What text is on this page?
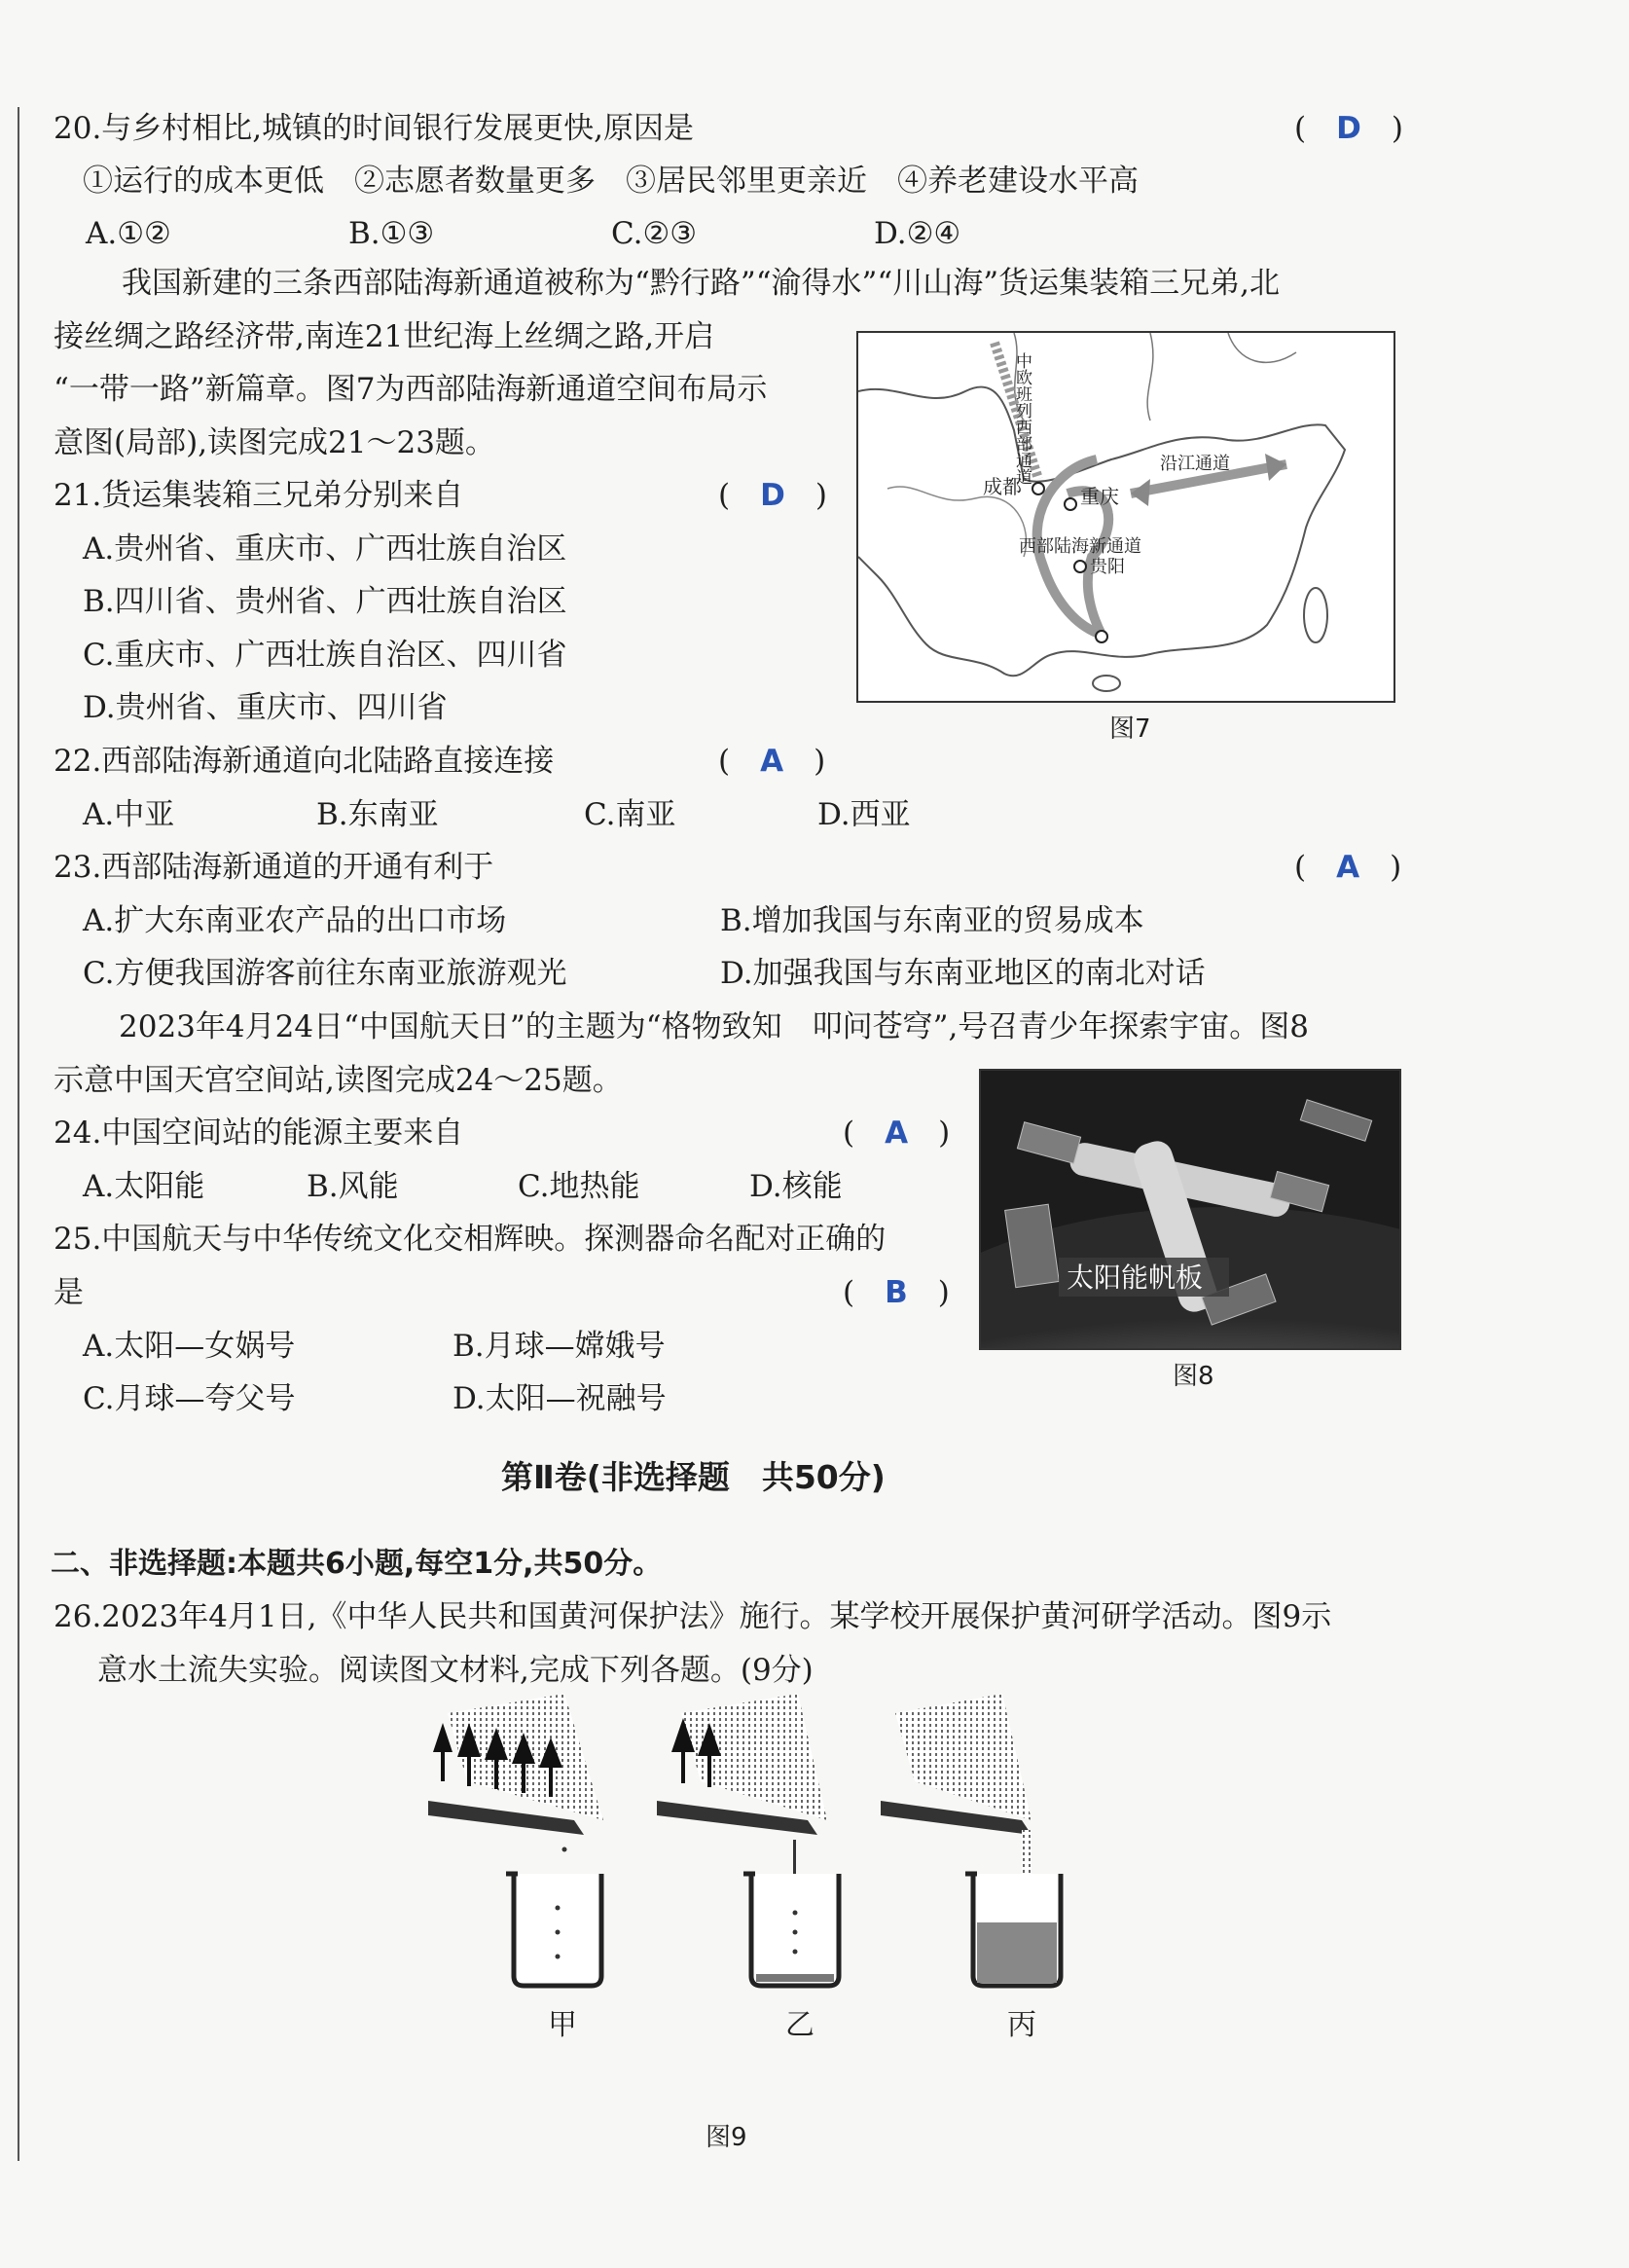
20.与乡村相比,城镇的时间银行发展更快,原因是	(　D　)
①运行的成本更低　②志愿者数量更多　③居民邻里更亲近　④养老建设水平高
A.①②	B.①③	C.②③	D.②④
我国新建的三条西部陆海新通道被称为“黔行路”“渝得水”“川山海”货运集装箱三兄弟,北
接丝绸之路经济带,南连21世纪海上丝绸之路,开启
“一带一路”新篇章。图7为西部陆海新通道空间布局示
意图(局部),读图完成21～23题。
21.货运集装箱三兄弟分别来自	(　D　)
A.贵州省、重庆市、广西壮族自治区
B.四川省、贵州省、广西壮族自治区
C.重庆市、广西壮族自治区、四川省
D.贵州省、重庆市、四川省
中欧班列西部通道
成都	重庆
沿江通道
西部陆海新通道
贵阳
图7
22.西部陆海新通道向北陆路直接连接	(　A　)
A.中亚	B.东南亚	C.南亚	D.西亚
23.西部陆海新通道的开通有利于	(　A　)
A.扩大东南亚农产品的出口市场	B.增加我国与东南亚的贸易成本
C.方便我国游客前往东南亚旅游观光	D.加强我国与东南亚地区的南北对话
2023年4月24日“中国航天日”的主题为“格物致知　叩问苍穹”,号召青少年探索宇宙。图8
示意中国天宫空间站,读图完成24～25题。
24.中国空间站的能源主要来自	(　A　)
A.太阳能	B.风能	C.地热能	D.核能
25.中国航天与中华传统文化交相辉映。探测器命名配对正确的
是	(　B　)
A.太阳—女娲号	B.月球—嫦娥号
C.月球—夸父号	D.太阳—祝融号
太阳能帆板
图8
第Ⅱ卷(非选择题　共50分)
二、非选择题:本题共6小题,每空1分,共50分。
26.2023年4月1日,《中华人民共和国黄河保护法》施行。某学校开展保护黄河研学活动。图9示
意水土流失实验。阅读图文材料,完成下列各题。(9分)
甲	乙	丙
图9
